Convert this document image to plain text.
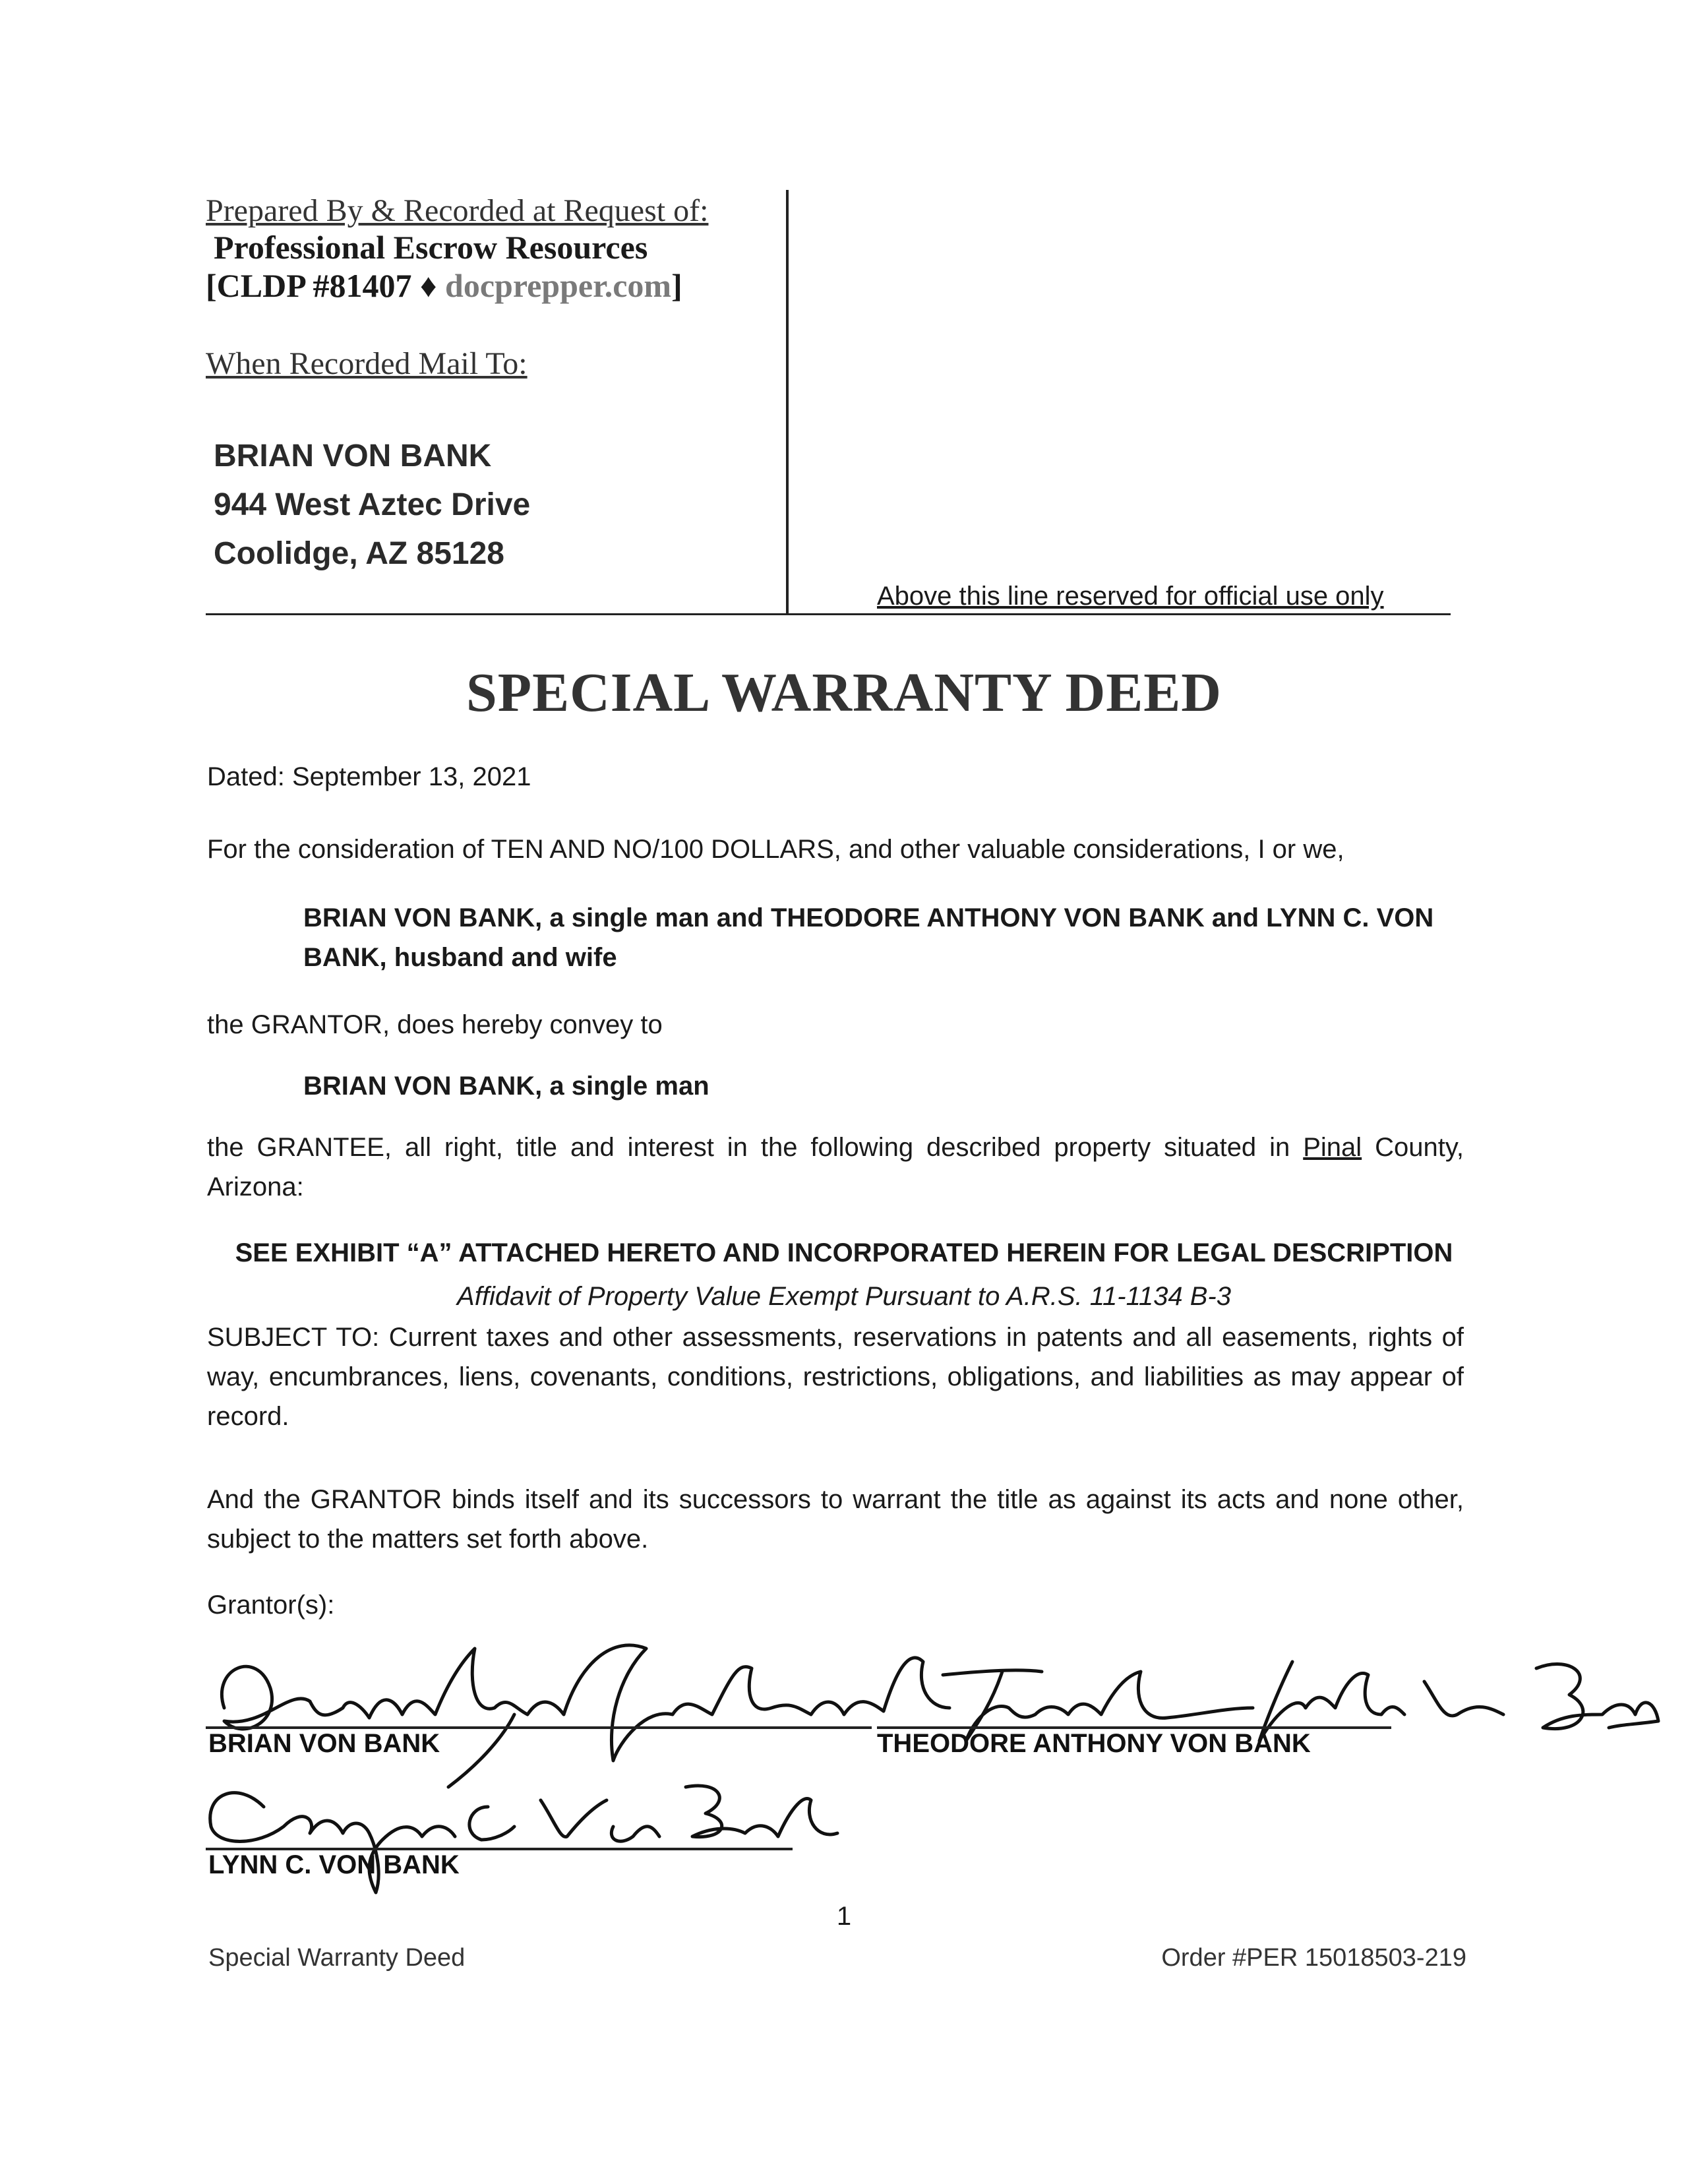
Prepared By & Recorded at Request of:
Professional Escrow Resources
[CLDP #81407 ♦ docprepper.com]
When Recorded Mail To:
BRIAN VON BANK
944 West Aztec Drive
Coolidge, AZ 85128
Above this line reserved for official use only
SPECIAL WARRANTY DEED
Dated: September 13, 2021
For the consideration of TEN AND NO/100 DOLLARS, and other valuable considerations, I or we,
BRIAN VON BANK, a single man and THEODORE ANTHONY VON BANK and LYNN C. VON BANK, husband and wife
the GRANTOR, does hereby convey to
BRIAN VON BANK, a single man
the GRANTEE, all right, title and interest in the following described property situated in Pinal County, Arizona:
SEE EXHIBIT “A” ATTACHED HERETO AND INCORPORATED HEREIN FOR LEGAL DESCRIPTION
Affidavit of Property Value Exempt Pursuant to A.R.S. 11-1134 B-3
SUBJECT TO: Current taxes and other assessments, reservations in patents and all easements, rights of way, encumbrances, liens, covenants, conditions, restrictions, obligations, and liabilities as may appear of record.
And the GRANTOR binds itself and its successors to warrant the title as against its acts and none other, subject to the matters set forth above.
Grantor(s):
BRIAN VON BANK	THEODORE ANTHONY VON BANK
LYNN C. VON BANK
1
Special Warranty Deed	Order #PER 15018503-219
